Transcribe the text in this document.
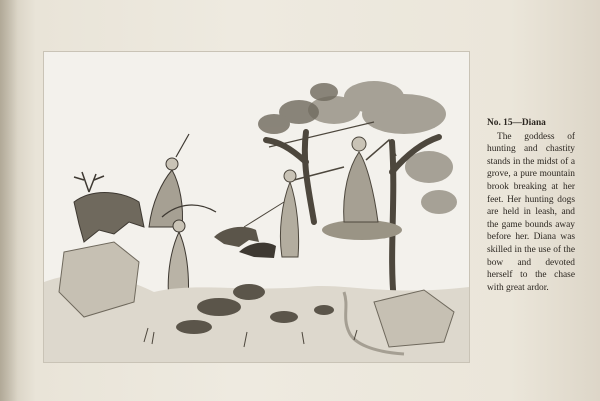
No. 15—Diana
The goddess of hunting and chastity stands in the midst of a grove, a pure mountain brook breaking at her feet. Her hunting dogs are held in leash, and the game bounds away before her. Diana was skilled in the use of the bow and devoted herself to the chase with great ardor.
